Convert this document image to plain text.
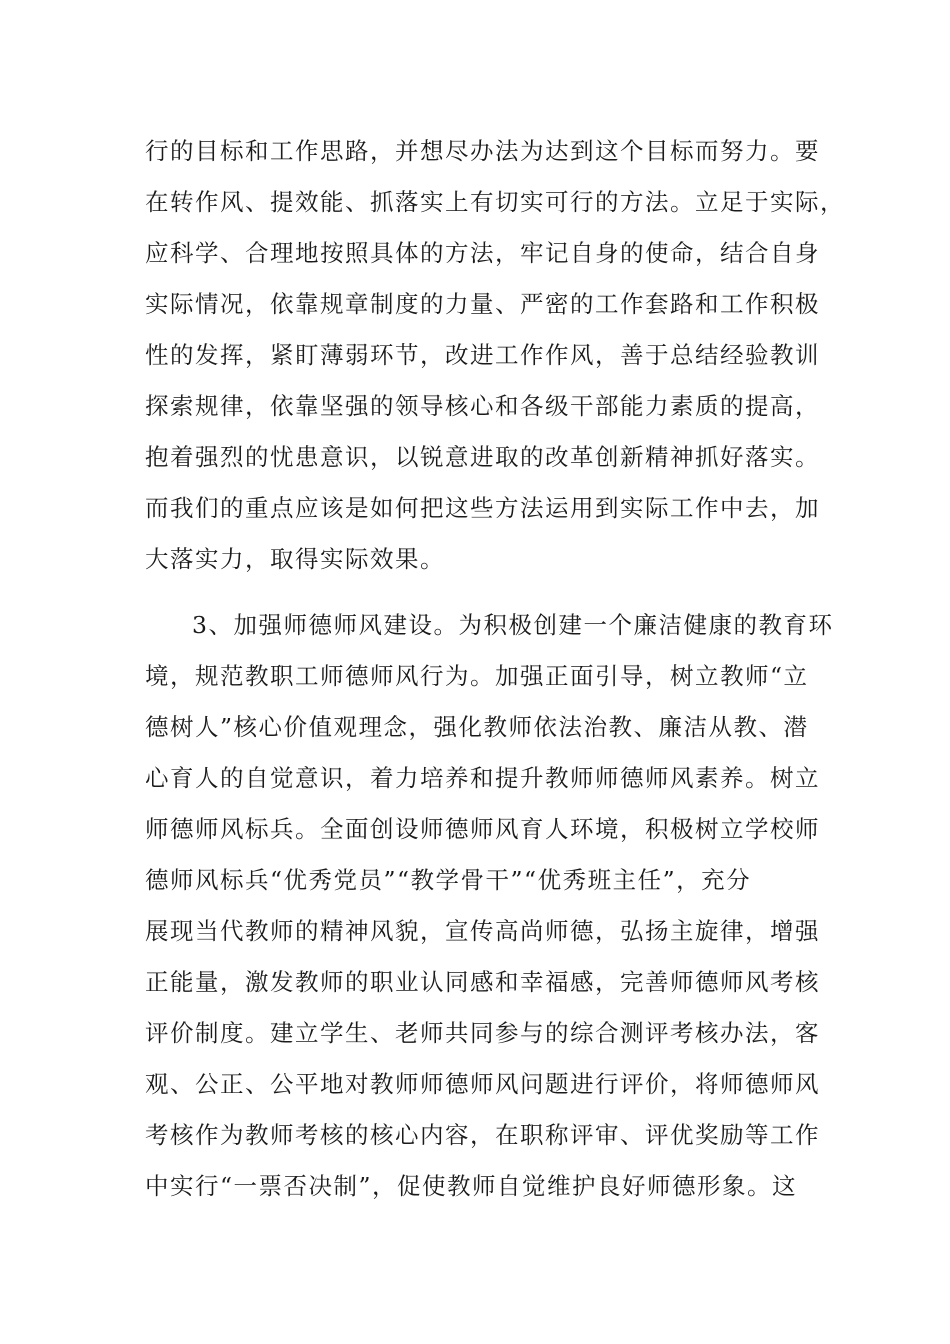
行的目标和工作思路，并想尽办法为达到这个目标而努力。要

在转作风、提效能、抓落实上有切实可行的方法。立足于实际，

应科学、合理地按照具体的方法，牢记自身的使命，结合自身

实际情况，依靠规章制度的力量、严密的工作套路和工作积极

性的发挥，紧盯薄弱环节，改进工作作风，善于总结经验教训

探索规律，依靠坚强的领导核心和各级干部能力素质的提高，

抱着强烈的忧患意识，以锐意进取的改革创新精神抓好落实。

而我们的重点应该是如何把这些方法运用到实际工作中去，加

大落实力，取得实际效果。

3、加强师德师风建设。为积极创建一个廉洁健康的教育环

境，规范教职工师德师风行为。加强正面引导，树立教师“立

德树人”核心价值观理念，强化教师依法治教、廉洁从教、潜

心育人的自觉意识，着力培养和提升教师师德师风素养。树立

师德师风标兵。全面创设师德师风育人环境，积极树立学校师

德师风标兵“优秀党员”“教学骨干”“优秀班主任”，充分

展现当代教师的精神风貌，宣传高尚师德，弘扬主旋律，增强

正能量，激发教师的职业认同感和幸福感，完善师德师风考核

评价制度。建立学生、老师共同参与的综合测评考核办法，客

观、公正、公平地对教师师德师风问题进行评价，将师德师风

考核作为教师考核的核心内容，在职称评审、评优奖励等工作

中实行“一票否决制”，促使教师自觉维护良好师德形象。这
